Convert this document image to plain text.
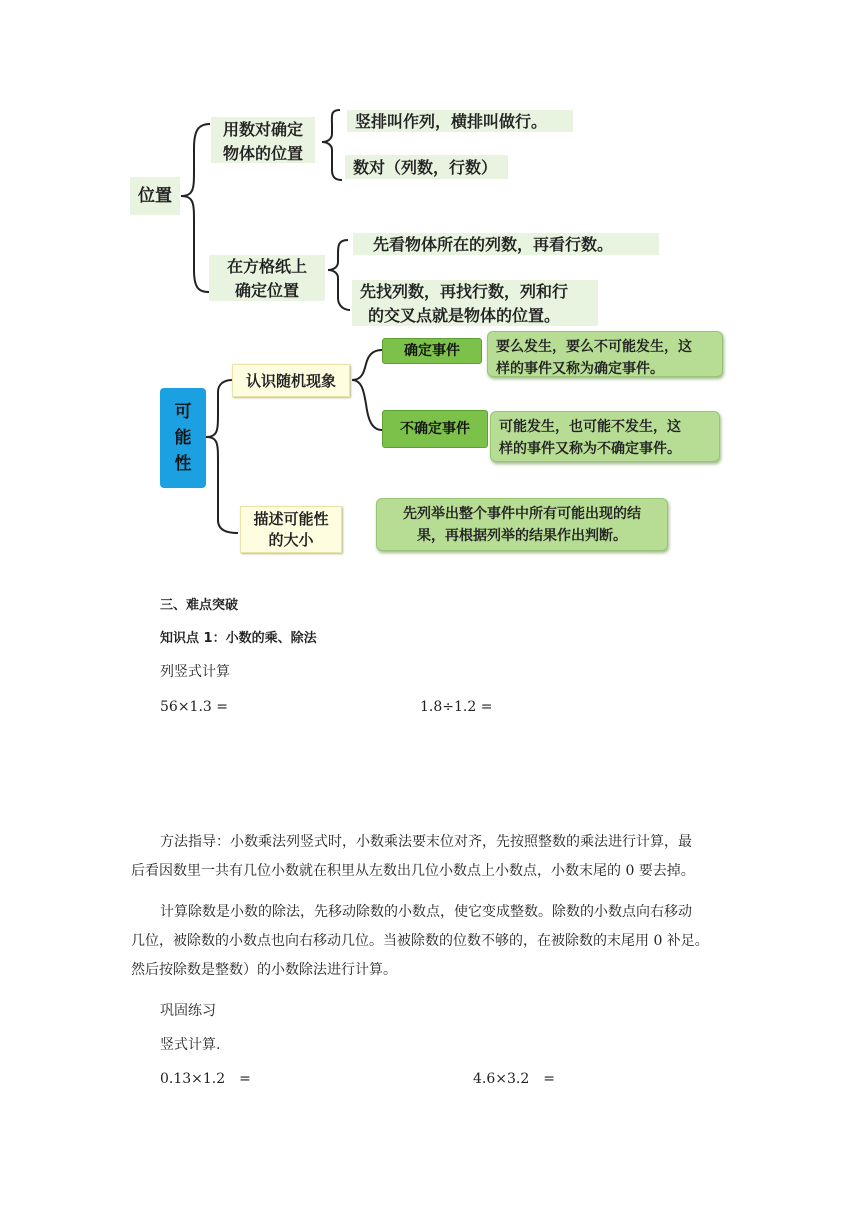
位置
用数对确定
物体的位置
竖排叫作列，横排叫做行。
数对（列数，行数）
在方格纸上
确定位置
先看物体所在的列数，再看行数。
先找列数，再找行数，列和行
的交叉点就是物体的位置。
可
能
性
认识随机现象
确定事件	要么发生，要么不可能发生，这
样的事件又称为确定事件。
不确定事件	可能发生，也可能不发生，这
样的事件又称为不确定事件。
描述可能性
的大小
先列举出整个事件中所有可能出现的结
果，再根据列举的结果作出判断。
三、难点突破
知识点 1：小数的乘、除法
列竖式计算
56×1.3 =	1.8÷1.2 =
方法指导：小数乘法列竖式时，小数乘法要末位对齐，先按照整数的乘法进行计算，最
后看因数里一共有几位小数就在积里从左数出几位小数点上小数点，小数末尾的 0 要去掉。
计算除数是小数的除法，先移动除数的小数点，使它变成整数。除数的小数点向右移动
几位，被除数的小数点也向右移动几位。当被除数的位数不够的，在被除数的末尾用 0 补足。
然后按除数是整数）的小数除法进行计算。
巩固练习
竖式计算.
0.13×1.2　=	4.6×3.2　=
